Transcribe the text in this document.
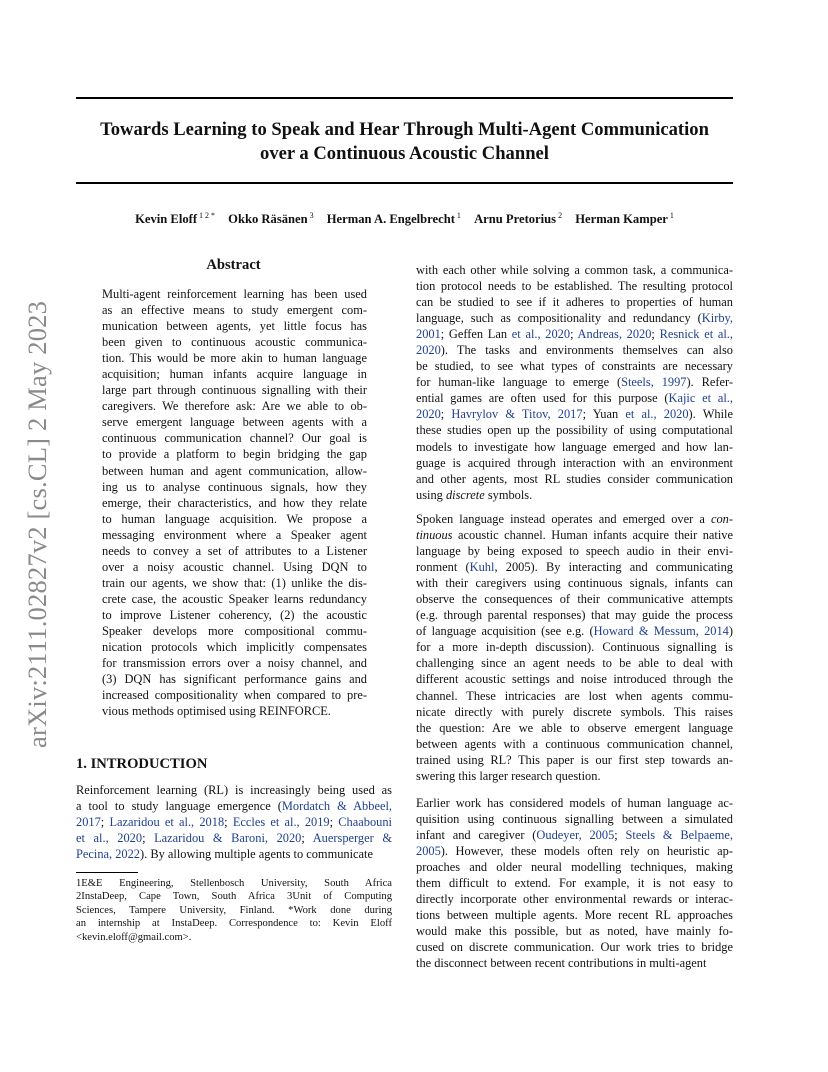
arXiv:2111.02827v2 [cs.CL] 2 May 2023
Towards Learning to Speak and Hear Through Multi-Agent Communication
over a Continuous Acoustic Channel
Kevin Eloff $^{1 2 *}$ Okko Räsänen $^3$ Herman A. Engelbrecht $^1$ Arnu Pretorius $^2$ Herman Kamper $^1$
Abstract
Multi-agent reinforcement learning has been used
as an effective means to study emergent com-
munication between agents, yet little focus has
been given to continuous acoustic communica-
tion. This would be more akin to human language
acquisition; human infants acquire language in
large part through continuous signalling with their
caregivers. We therefore ask: Are we able to ob-
serve emergent language between agents with a
continuous communication channel? Our goal is
to provide a platform to begin bridging the gap
between human and agent communication, allow-
ing us to analyse continuous signals, how they
emerge, their characteristics, and how they relate
to human language acquisition. We propose a
messaging environment where a Speaker agent
needs to convey a set of attributes to a Listener
over a noisy acoustic channel. Using DQN to
train our agents, we show that: (1) unlike the dis-
crete case, the acoustic Speaker learns redundancy
to improve Listener coherency, (2) the acoustic
Speaker develops more compositional commu-
nication protocols which implicitly compensates
for transmission errors over a noisy channel, and
(3) DQN has significant performance gains and
increased compositionality when compared to pre-
vious methods optimised using REINFORCE.
1. INTRODUCTION
Reinforcement learning (RL) is increasingly being used as
a tool to study language emergence (Mordatch & Abbeel,
2017; Lazaridou et al., 2018; Eccles et al., 2019; Chaabouni
et al., 2020; Lazaridou & Baroni, 2020; Auersperger &
Pecina, 2022). By allowing multiple agents to communicate
1E&E Engineering, Stellenbosch University, South Africa
2InstaDeep, Cape Town, South Africa 3Unit of Computing
Sciences, Tampere University, Finland. *Work done during
an internship at InstaDeep. Correspondence to: Kevin Eloff
<kevin.eloff@gmail.com>.
with each other while solving a common task, a communica-
tion protocol needs to be established. The resulting protocol
can be studied to see if it adheres to properties of human
language, such as compositionality and redundancy (Kirby,
2001; Geffen Lan et al., 2020; Andreas, 2020; Resnick et al.,
2020). The tasks and environments themselves can also
be studied, to see what types of constraints are necessary
for human-like language to emerge (Steels, 1997). Refer-
ential games are often used for this purpose (Kajic et al.,
2020; Havrylov & Titov, 2017; Yuan et al., 2020). While
these studies open up the possibility of using computational
models to investigate how language emerged and how lan-
guage is acquired through interaction with an environment
and other agents, most RL studies consider communication
using discrete symbols.
Spoken language instead operates and emerged over a con-
tinuous acoustic channel. Human infants acquire their native
language by being exposed to speech audio in their envi-
ronment (Kuhl, 2005). By interacting and communicating
with their caregivers using continuous signals, infants can
observe the consequences of their communicative attempts
(e.g. through parental responses) that may guide the process
of language acquisition (see e.g. (Howard & Messum, 2014)
for a more in-depth discussion). Continuous signalling is
challenging since an agent needs to be able to deal with
different acoustic settings and noise introduced through the
channel. These intricacies are lost when agents commu-
nicate directly with purely discrete symbols. This raises
the question: Are we able to observe emergent language
between agents with a continuous communication channel,
trained using RL? This paper is our first step towards an-
swering this larger research question.
Earlier work has considered models of human language ac-
quisition using continuous signalling between a simulated
infant and caregiver (Oudeyer, 2005; Steels & Belpaeme,
2005). However, these models often rely on heuristic ap-
proaches and older neural modelling techniques, making
them difficult to extend. For example, it is not easy to
directly incorporate other environmental rewards or interac-
tions between multiple agents. More recent RL approaches
would make this possible, but as noted, have mainly fo-
cused on discrete communication. Our work tries to bridge
the disconnect between recent contributions in multi-agent
